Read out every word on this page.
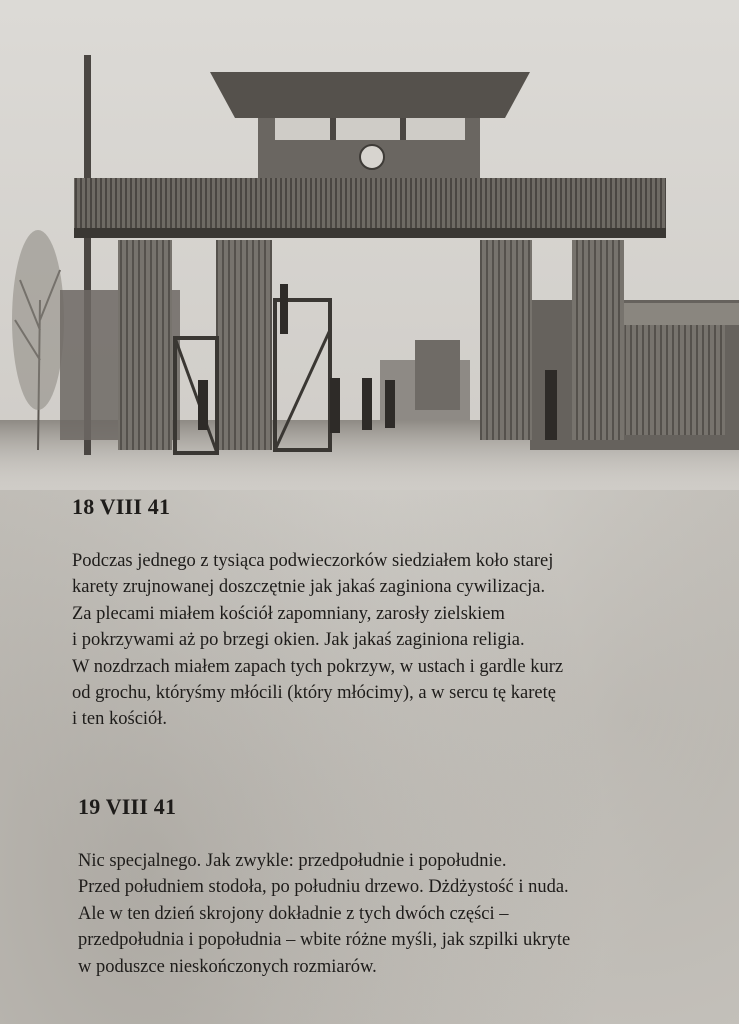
18 VIII 41

Podczas jednego z tysiąca podwieczorków siedziałem koło starej
karety zrujnowanej doszczętnie jak jakaś zaginiona cywilizacja.
Za plecami miałem kościół zapomniany, zarosły zielskiem
i pokrzywami aż po brzegi okien. Jak jakaś zaginiona religia.
W nozdrzach miałem zapach tych pokrzyw, w ustach i gardle kurz
od grochu, któryśmy młócili (który młócimy), a w sercu tę karetę
i ten kościół.

19 VIII 41

Nic specjalnego. Jak zwykle: przedpołudnie i popołudnie.
Przed południem stodoła, po południu drzewo. Dżdżystość i nuda.
Ale w ten dzień skrojony dokładnie z tych dwóch części –
przedpołudnia i popołudnia – wbite różne myśli, jak szpilki ukryte
w poduszce nieskończonych rozmiarów.
